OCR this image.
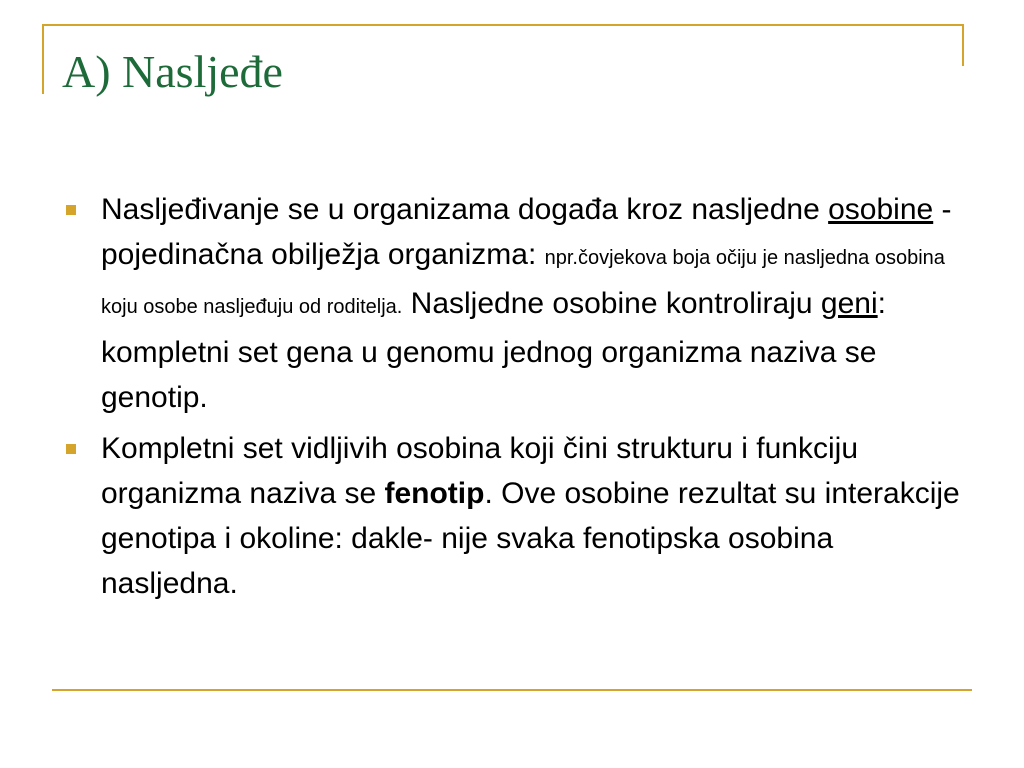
A) Nasljeđe
Nasljeđivanje se u organizama događa kroz nasljedne osobine - pojedinačna obilježja organizma: npr.čovjekova boja očiju je nasljedna osobina koju osobe nasljeđuju od roditelja. Nasljedne osobine kontroliraju geni: kompletni set gena u genomu jednog organizma naziva se genotip.
Kompletni set vidljivih osobina koji čini strukturu i funkciju organizma naziva se fenotip. Ove osobine rezultat su interakcije genotipa i okoline: dakle- nije svaka fenotipska osobina nasljedna.
